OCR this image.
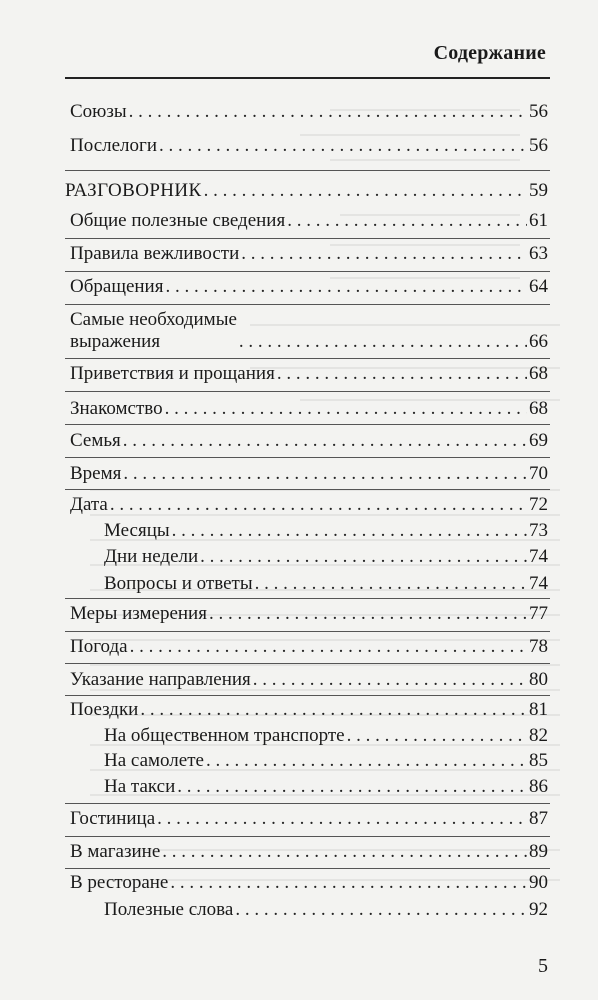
Содержание
Союзы . . .	56
Послелоги . . .	56
РАЗГОВОРНИК . . .	59
Общие полезные сведения . . .	61
Правила вежливости . . .	63
Обращения . . .	64
Самые необходимые
выражения . . .	66
Приветствия и прощания . . .	68
Знакомство . . .	68
Семья . . .	69
Время . . .	70
Дата . . .	72
Месяцы . . .	73
Дни недели . . .	74
Вопросы и ответы . . .	74
Меры измерения . . .	77
Погода . . .	78
Указание направления . . .	80
Поездки . . .	81
На общественном транспорте . . .	82
На самолете . . .	85
На такси . . .	86
Гостиница . . .	87
В магазине . . .	89
В ресторане . . .	90
Полезные слова . . .	92
5
